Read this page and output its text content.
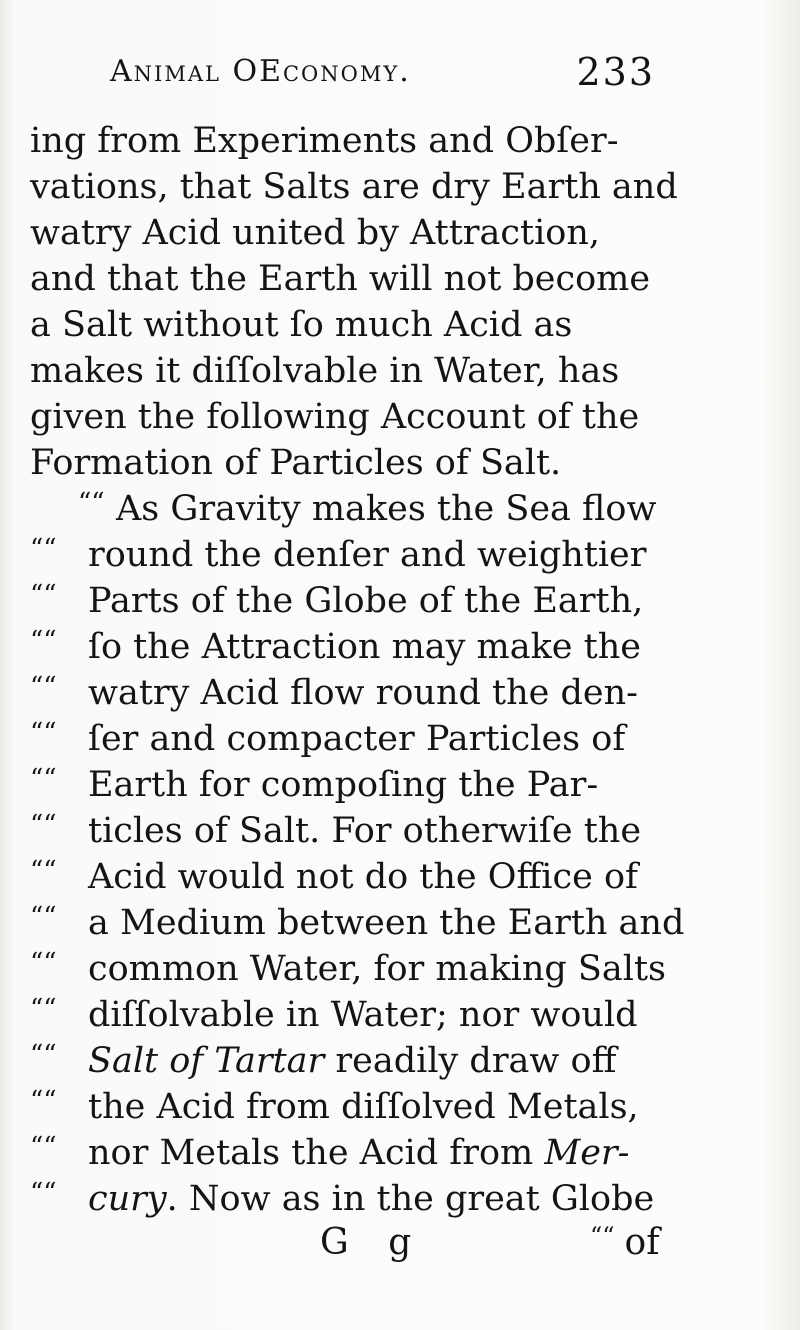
Animal OEconomy.	233
ing from Experiments and Obſer-
vations, that Salts are dry Earth and
watry Acid united by Attraction,
and that the Earth will not become
a Salt without ſo much Acid as
makes it diſſolvable in Water, has
given the following Account of the
Formation of Particles of Salt.
““ As Gravity makes the Sea flow
““ round the denſer and weightier
““ Parts of the Globe of the Earth,
““ ſo the Attraction may make the
““ watry Acid flow round the den-
““ ſer and compacter Particles of
““ Earth for compoſing the Par-
““ ticles of Salt. For otherwiſe the
““ Acid would not do the Office of
““ a Medium between the Earth and
““ common Water, for making Salts
““ diſſolvable in Water; nor would
““ Salt of Tartar readily draw off
““ the Acid from diſſolved Metals,
““ nor Metals the Acid from Mer-
““ cury. Now as in the great Globe
G g	““ of
